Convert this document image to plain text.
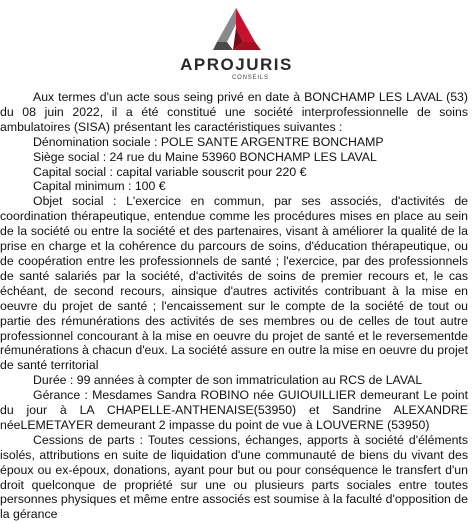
APROJURIS
CONSEILS

Aux termes d'un acte sous seing privé en date à BONCHAMP LES LAVAL (53) du 08 juin 2022, il a été constitué une société interprofessionnelle de soins ambulatoires (SISA) présentant les caractéristiques suivantes :

Dénomination sociale : POLE SANTE ARGENTRE BONCHAMP

Siège social : 24 rue du Maine 53960 BONCHAMP LES LAVAL

Capital social : capital variable souscrit pour 220 €

Capital minimum : 100 €

Objet social : L'exercice en commun, par ses associés, d'activités de coordination thérapeutique, entendue comme les procédures mises en place au sein de la société ou entre la société et des partenaires, visant à améliorer la qualité de la prise en charge et la cohérence du parcours de soins, d'éducation thérapeutique, ou de coopération entre les professionnels de santé ; l'exercice, par des professionnels de santé salariés par la société, d'activités de soins de premier recours et, le cas échéant, de second recours, ainsique d'autres activités contribuant à la mise en oeuvre du projet de santé ; l'encaissement sur le compte de la société de tout ou partie des rémunérations des activités de ses membres ou de celles de tout autre professionnel concourant à la mise en oeuvre du projet de santé et le reversementde rémunérations à chacun d'eux. La société assure en outre la mise en oeuvre du projet de santé territorial

Durée : 99 années à compter de son immatriculation au RCS de LAVAL

Gérance : Mesdames Sandra ROBINO née GUIOUILLIER demeurant Le point du jour à LA CHAPELLE-ANTHENAISE(53950) et Sandrine ALEXANDRE néeLEMETAYER demeurant 2 impasse du point de vue à LOUVERNE (53950)

Cessions de parts : Toutes cessions, échanges, apports à société d'éléments isolés, attributions en suite de liquidation d'une communauté de biens du vivant des époux ou ex-époux, donations, ayant pour but ou pour conséquence le transfert d'un droit quelconque de propriété sur une ou plusieurs parts sociales entre toutes personnes physiques et même entre associés est soumise à la faculté d'opposition de la gérance
